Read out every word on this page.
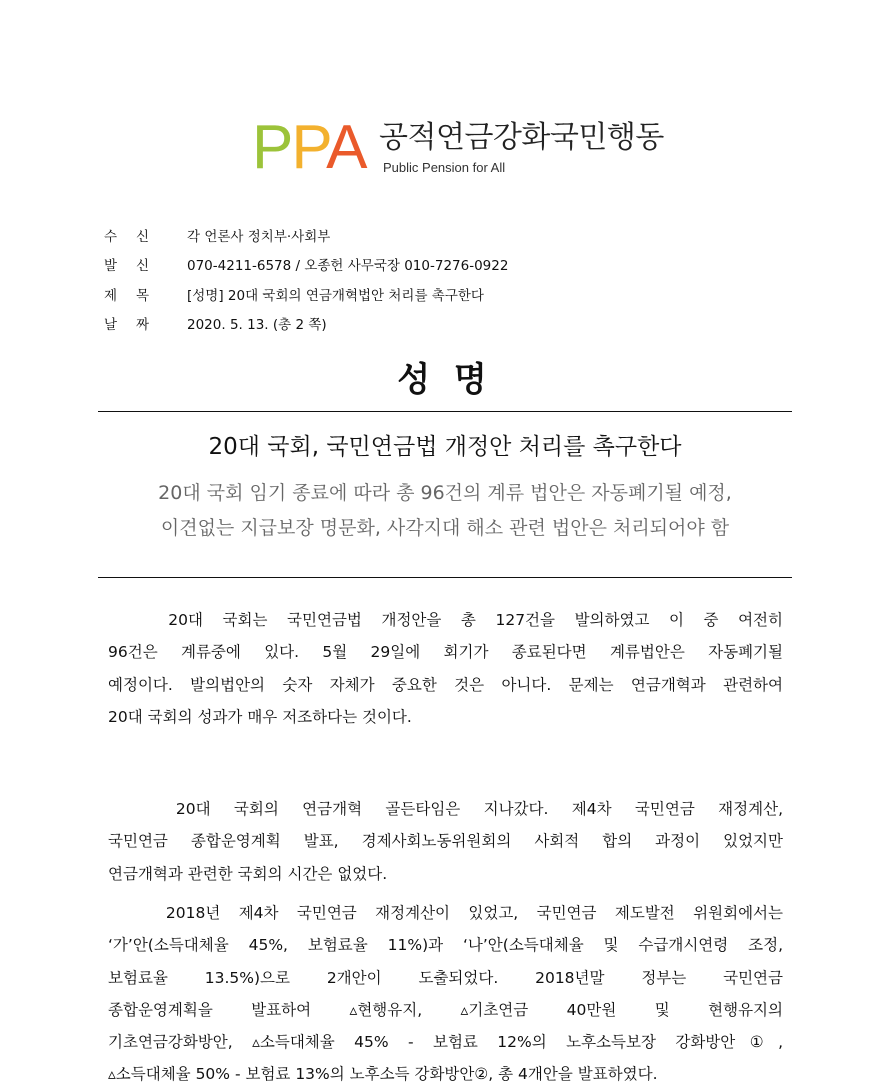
PPA 공적연금강화국민행동
Public Pension for All
수 신	각 언론사 정치부·사회부
발 신	070-4211-6578 / 오종헌 사무국장 010-7276-0922
제 목	[성명] 20대 국회의 연금개혁법안 처리를 촉구한다
날 짜	2020. 5. 13. (총 2 쪽)
성 명
20대 국회, 국민연금법 개정안 처리를 촉구한다
20대 국회 임기 종료에 따라 총 96건의 계류 법안은 자동폐기될 예정,
이견없는 지급보장 명문화, 사각지대 해소 관련 법안은 처리되어야 함
　　20대 국회는 국민연금법 개정안을 총 127건을 발의하였고 이 중 여전히
96건은 계류중에 있다. 5월 29일에 회기가 종료된다면 계류법안은 자동폐기될
예정이다. 발의법안의 숫자 자체가 중요한 것은 아니다. 문제는 연금개혁과 관련하여
20대 국회의 성과가 매우 저조하다는 것이다.
　　20대 국회의 연금개혁 골든타임은 지나갔다. 제4차 국민연금 재정계산,
국민연금 종합운영계획 발표, 경제사회노동위원회의 사회적 합의 과정이 있었지만
연금개혁과 관련한 국회의 시간은 없었다.
　　2018년 제4차 국민연금 재정계산이 있었고, 국민연금 제도발전 위원회에서는
‘가’안(소득대체율 45%, 보험료율 11%)과 ‘나’안(소득대체율 및 수급개시연령 조정,
보험료율 13.5%)으로 2개안이 도출되었다. 2018년말 정부는 국민연금
종합운영계획을 발표하여 ▵현행유지, ▵기초연금 40만원 및 현행유지의
기초연금강화방안, ▵소득대체율 45% - 보험료 12%의 노후소득보장 강화방안①,
▵소득대체율 50% - 보험료 13%의 노후소득 강화방안②, 총 4개안을 발표하였다.
